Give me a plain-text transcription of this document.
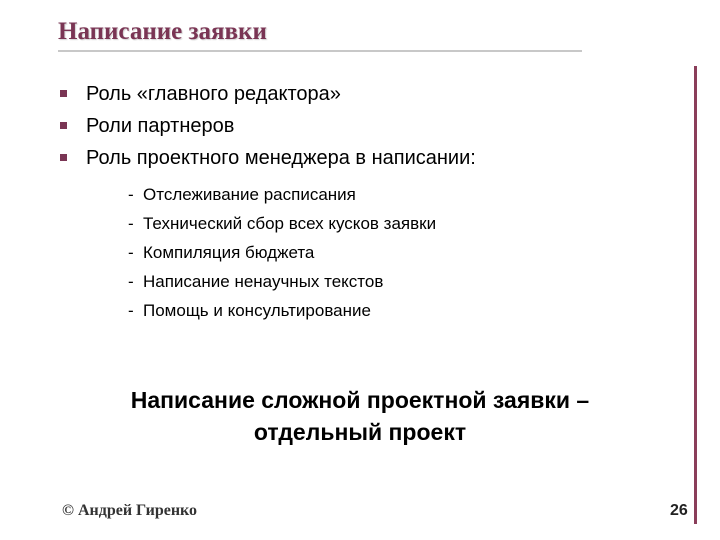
Написание заявки
Роль «главного редактора»
Роли партнеров
Роль проектного менеджера в написании:
- Отслеживание расписания
- Технический сбор всех кусков заявки
- Компиляция бюджета
- Написание ненаучных текстов
- Помощь и консультирование
Написание сложной проектной заявки –
отдельный проект
© Андрей Гиренко	26
